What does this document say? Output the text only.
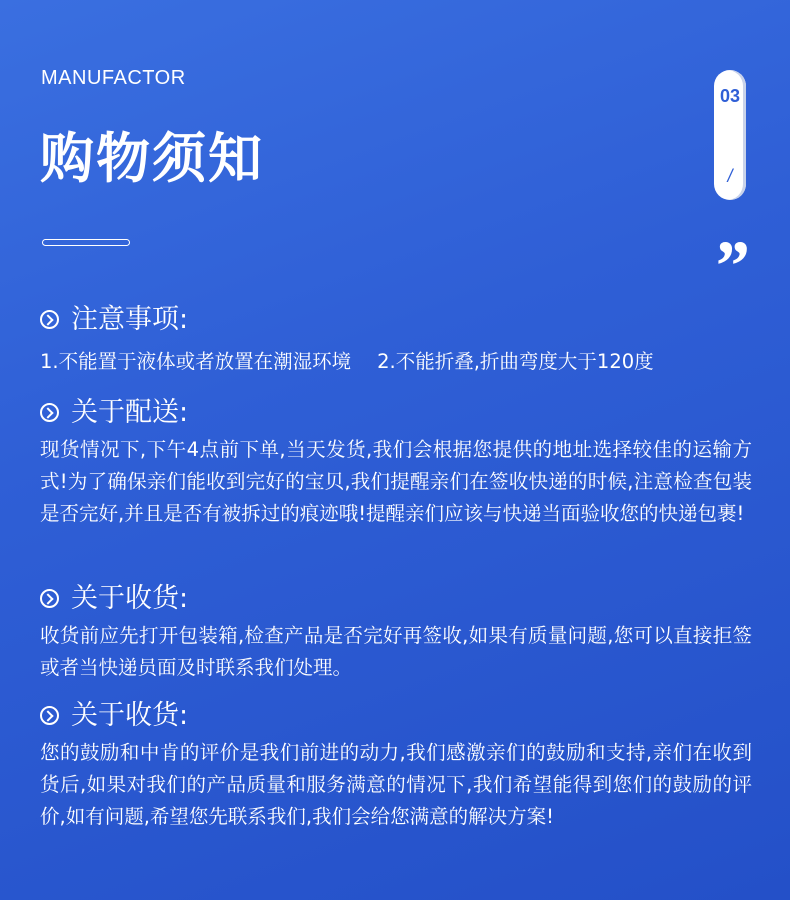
MANUFACTOR
购物须知
03
/
”
注意事项:
1.不能置于液体或者放置在潮湿环境 2.不能折叠,折曲弯度大于120度
关于配送:
现货情况下,下午4点前下单,当天发货,我们会根据您提供的地址选择较佳的运输方式!为了确保亲们能收到完好的宝贝,我们提醒亲们在签收快递的时候,注意检查包装是否完好,并且是否有被拆过的痕迹哦!提醒亲们应该与快递当面验收您的快递包裹!
关于收货:
收货前应先打开包装箱,检查产品是否完好再签收,如果有质量问题,您可以直接拒签或者当快递员面及时联系我们处理。
关于收货:
您的鼓励和中肯的评价是我们前进的动力,我们感激亲们的鼓励和支持,亲们在收到货后,如果对我们的产品质量和服务满意的情况下,我们希望能得到您们的鼓励的评价,如有问题,希望您先联系我们,我们会给您满意的解决方案!
